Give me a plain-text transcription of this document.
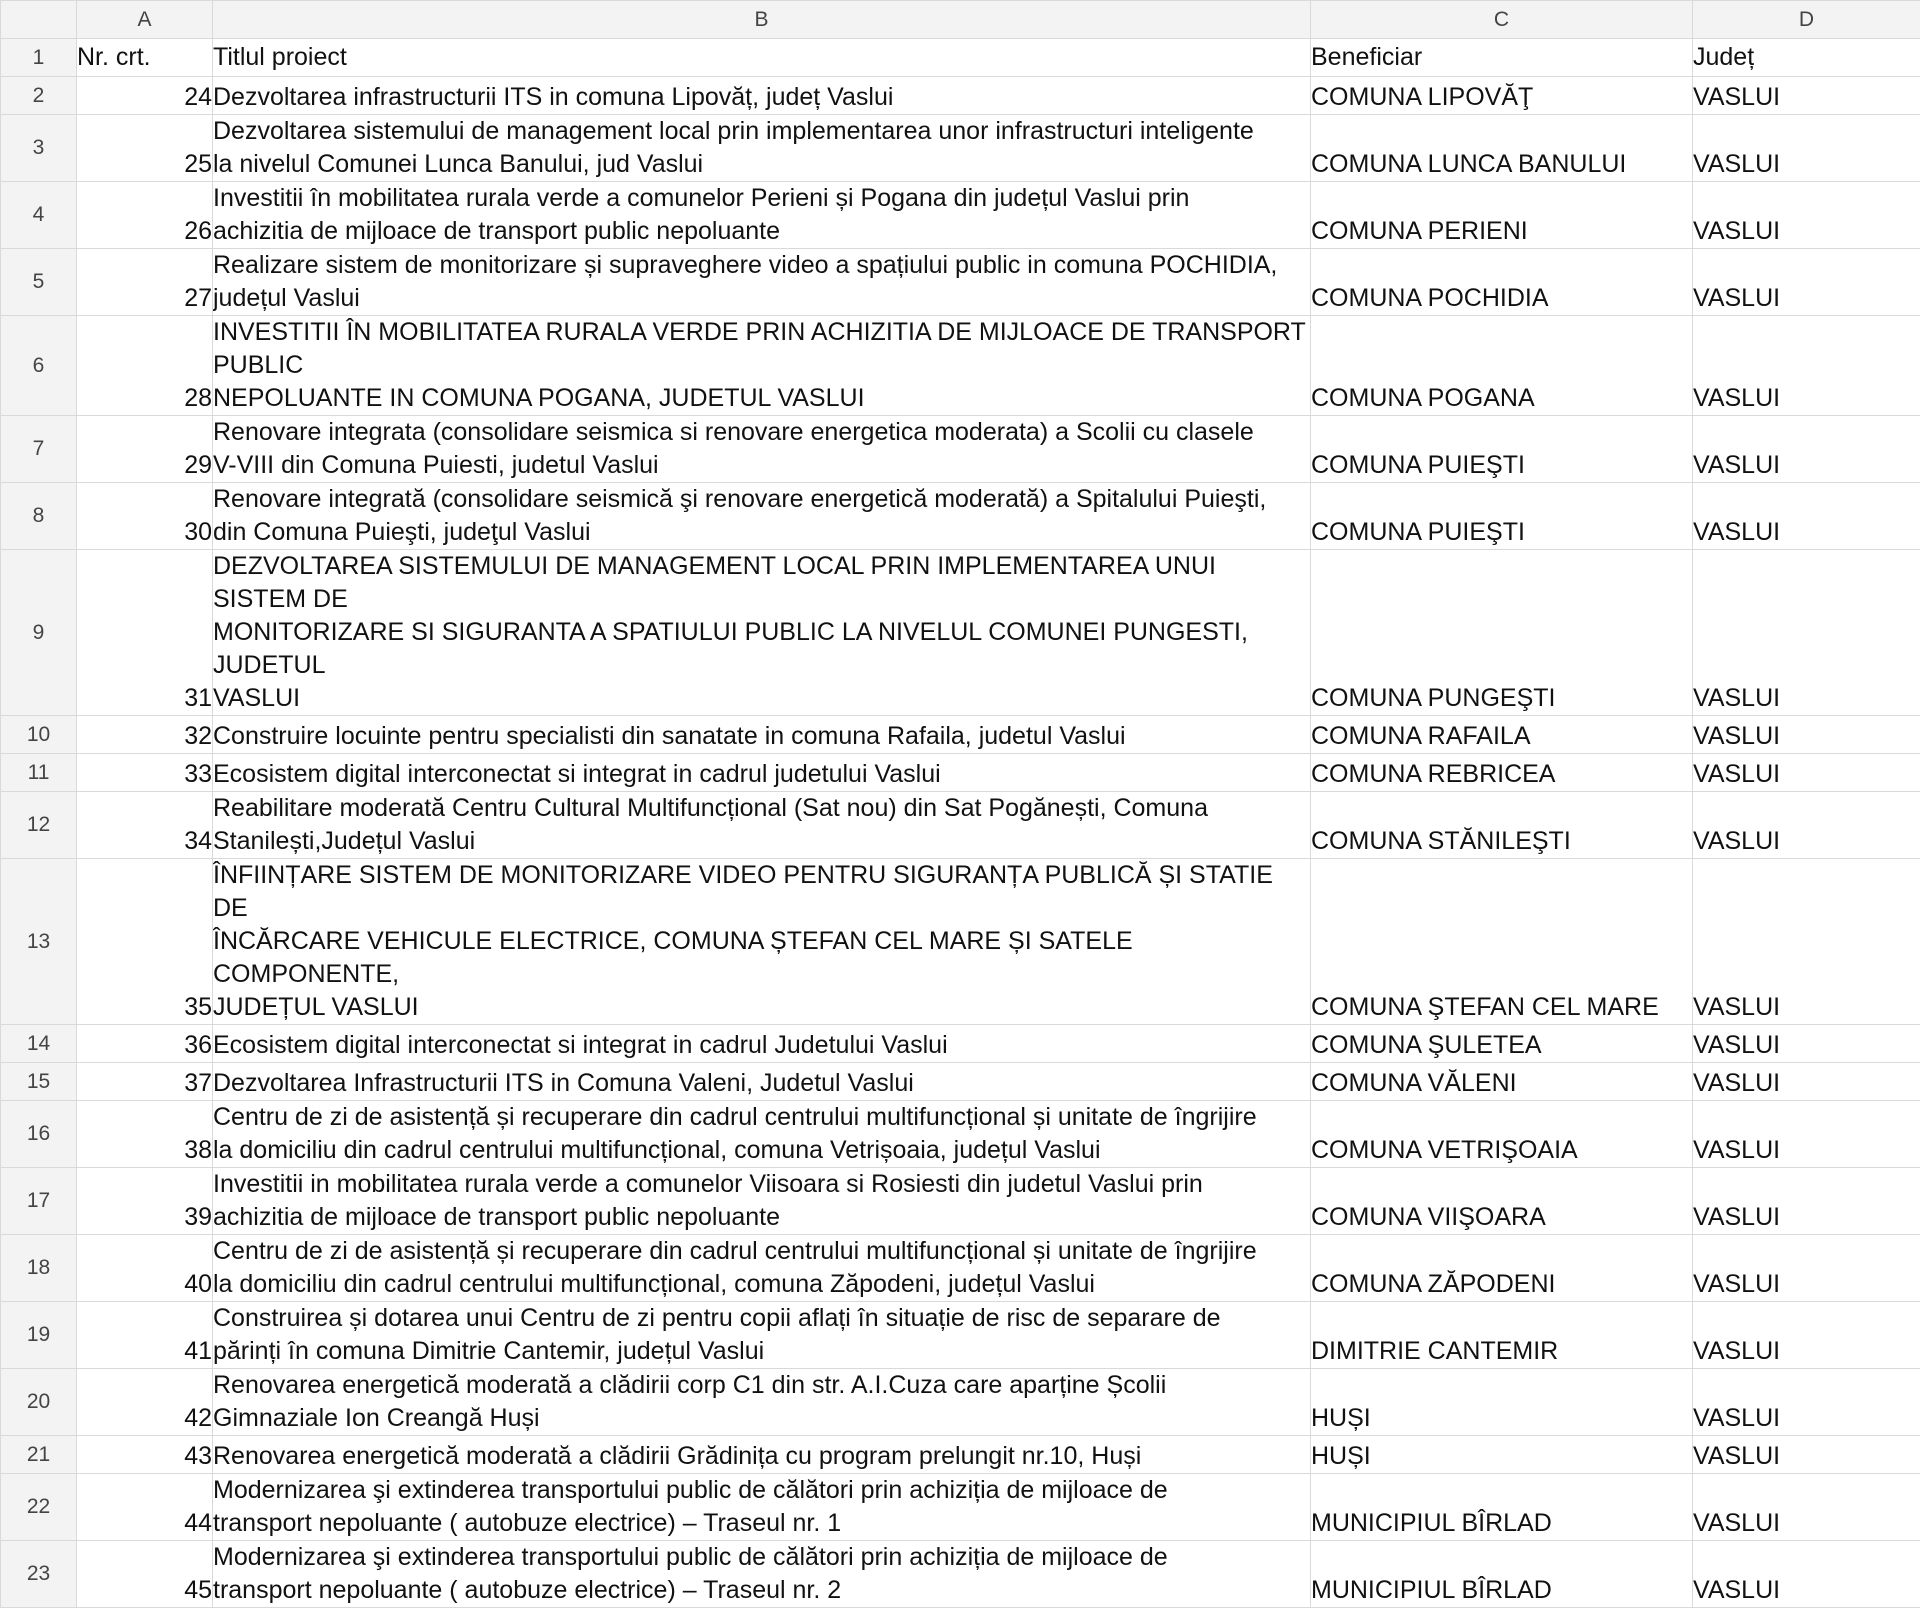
	A	B	C	D
1	Nr. crt.	Titlul proiect	Beneficiar	Județ
2	24	Dezvoltarea infrastructurii ITS in comuna Lipovăț, județ Vaslui	COMUNA LIPOVĂŢ	VASLUI
3	25	Dezvoltarea sistemului de management local prin implementarea unor infrastructuri inteligente
la nivelul Comunei Lunca Banului, jud Vaslui	COMUNA LUNCA BANULUI	VASLUI
4	26	Investitii în mobilitatea rurala verde a comunelor Perieni și Pogana din județul Vaslui prin
achizitia de mijloace de transport public nepoluante	COMUNA PERIENI	VASLUI
5	27	Realizare sistem de monitorizare și supraveghere video a spațiului public in comuna POCHIDIA,
județul Vaslui	COMUNA POCHIDIA	VASLUI
6	28	INVESTITII ÎN MOBILITATEA RURALA VERDE PRIN ACHIZITIA DE MIJLOACE DE TRANSPORT PUBLIC
NEPOLUANTE IN COMUNA POGANA, JUDETUL VASLUI	COMUNA POGANA	VASLUI
7	29	Renovare integrata (consolidare seismica si renovare energetica moderata) a Scolii cu clasele
V-VIII din Comuna Puiesti, judetul Vaslui	COMUNA PUIEŞTI	VASLUI
8	30	Renovare integrată (consolidare seismică şi renovare energetică moderată) a Spitalului Puieşti,
din Comuna Puieşti, judeţul Vaslui	COMUNA PUIEŞTI	VASLUI
9	31	DEZVOLTAREA SISTEMULUI DE MANAGEMENT LOCAL PRIN IMPLEMENTAREA UNUI SISTEM DE
MONITORIZARE SI SIGURANTA A SPATIULUI PUBLIC LA NIVELUL COMUNEI PUNGESTI, JUDETUL
VASLUI	COMUNA PUNGEŞTI	VASLUI
10	32	Construire locuinte pentru specialisti din sanatate in comuna Rafaila, judetul Vaslui	COMUNA RAFAILA	VASLUI
11	33	Ecosistem digital interconectat si integrat in cadrul judetului Vaslui	COMUNA REBRICEA	VASLUI
12	34	Reabilitare moderată Centru Cultural Multifuncțional (Sat nou) din Sat Pogănești, Comuna
Stanilești,Județul Vaslui	COMUNA STĂNILEŞTI	VASLUI
13	35	ÎNFIINȚARE SISTEM DE MONITORIZARE VIDEO PENTRU SIGURANȚA PUBLICĂ ȘI STATIE DE
ÎNCĂRCARE VEHICULE ELECTRICE, COMUNA ȘTEFAN CEL MARE ȘI SATELE COMPONENTE,
JUDEȚUL VASLUI	COMUNA ŞTEFAN CEL MARE	VASLUI
14	36	Ecosistem digital interconectat si integrat in cadrul Judetului Vaslui	COMUNA ŞULETEA	VASLUI
15	37	Dezvoltarea Infrastructurii ITS in Comuna Valeni, Judetul Vaslui	COMUNA VĂLENI	VASLUI
16	38	Centru de zi de asistență și recuperare din cadrul centrului multifuncțional și unitate de îngrijire
la domiciliu din cadrul centrului multifuncțional, comuna Vetrișoaia, județul Vaslui	COMUNA VETRIŞOAIA	VASLUI
17	39	Investitii in mobilitatea rurala verde a comunelor Viisoara si Rosiesti din judetul Vaslui prin
achizitia de mijloace de transport public nepoluante	COMUNA VIIŞOARA	VASLUI
18	40	Centru de zi de asistență și recuperare din cadrul centrului multifuncțional și unitate de îngrijire
la domiciliu din cadrul centrului multifuncțional, comuna Zăpodeni, județul Vaslui	COMUNA ZĂPODENI	VASLUI
19	41	Construirea și dotarea unui Centru de zi pentru copii aflați în situație de risc de separare de
părinți în comuna Dimitrie Cantemir, județul Vaslui	DIMITRIE CANTEMIR	VASLUI
20	42	Renovarea energetică moderată a clădirii corp C1 din str. A.I.Cuza care aparține Școlii
Gimnaziale Ion Creangă Huși	HUȘI	VASLUI
21	43	Renovarea energetică moderată a clădirii Grădinița cu program prelungit nr.10, Huși	HUȘI	VASLUI
22	44	Modernizarea şi extinderea transportului public de călători prin achiziția de mijloace de
transport nepoluante ( autobuze electrice) – Traseul nr. 1	MUNICIPIUL BÎRLAD	VASLUI
23	45	Modernizarea şi extinderea transportului public de călători prin achiziția de mijloace de
transport nepoluante ( autobuze electrice) – Traseul nr. 2	MUNICIPIUL BÎRLAD	VASLUI
